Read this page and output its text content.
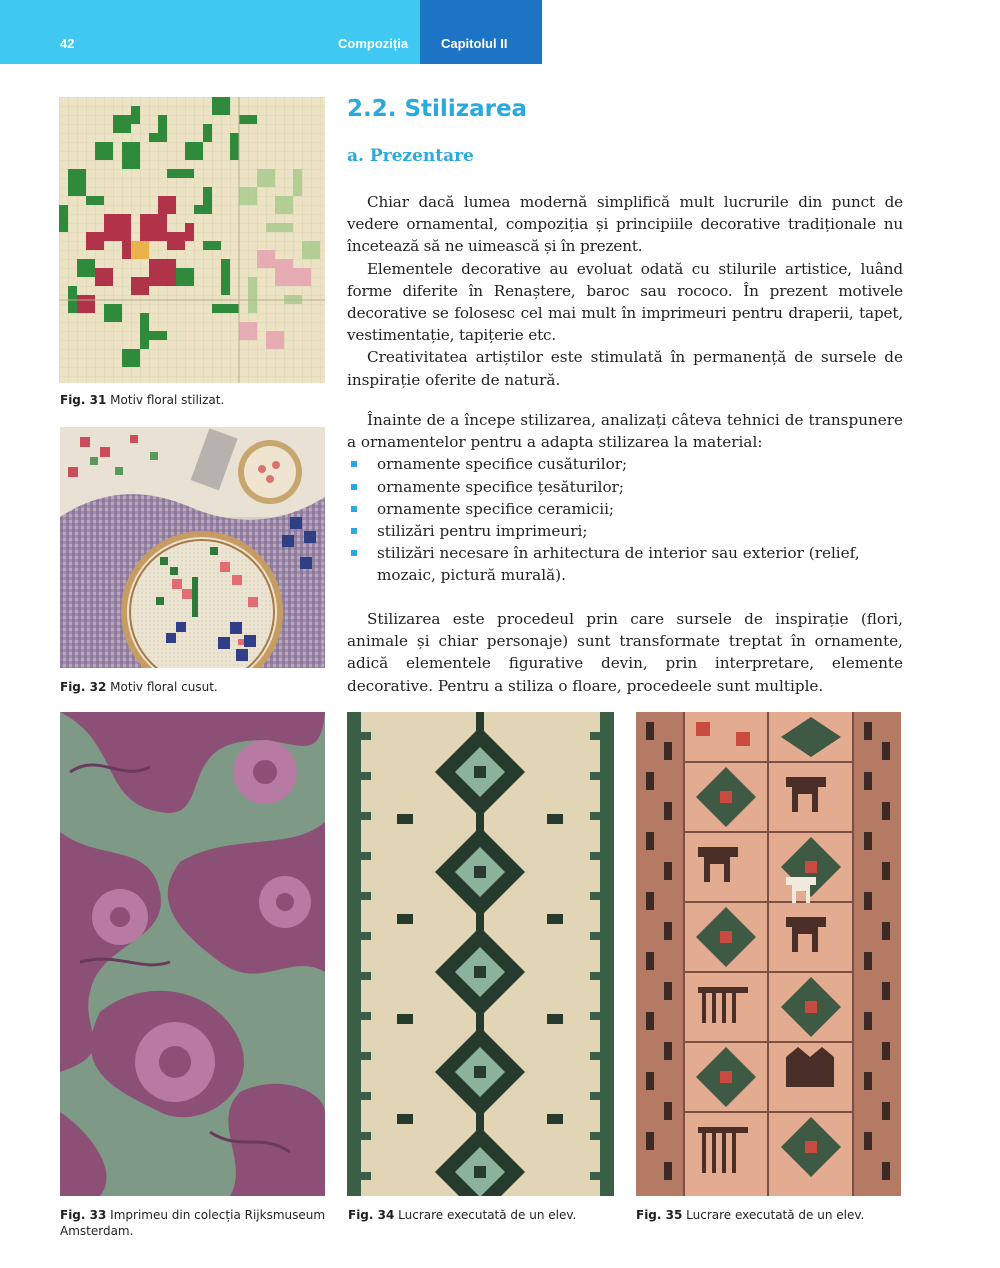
42	Compoziția	Capitolul II
Fig. 31 Motiv floral stilizat.
Fig. 32 Motiv floral cusut.
2.2. Stilizarea
a. Prezentare

Chiar dacă lumea modernă simplifică mult lucrurile din punct de vedere ornamental, compoziția și principiile decorative tradiționale nu încetează să ne uimească și în prezent.

Elementele decorative au evoluat odată cu stilurile artistice, luând forme diferite în Renaștere, baroc sau rococo. În prezent motivele decorative se folosesc cel mai mult în imprimeuri pentru draperii, tapet, vestimentație, tapițerie etc.

Creativitatea artiștilor este stimulată în permanență de sursele de inspirație oferite de natură.

Înainte de a începe stilizarea, analizați câteva tehnici de transpunere a ornamentelor pentru a adapta stilizarea la material:

ornamente specifice cusăturilor;
ornamente specifice țesăturilor;
ornamente specifice ceramicii;
stilizări pentru imprimeuri;
stilizări necesare în arhitectura de interior sau exterior (relief, mozaic, pictură murală).

Stilizarea este procedeul prin care sursele de inspirație (flori, animale și chiar personaje) sunt transformate treptat în ornamente, adică elementele figurative devin, prin interpretare, elemente decorative. Pentru a stiliza o floare, procedeele sunt multiple.

Fig. 33 Imprimeu din colecția Rijksmuseum Amsterdam.
Fig. 34 Lucrare executată de un elev.	Fig. 35 Lucrare executată de un elev.
